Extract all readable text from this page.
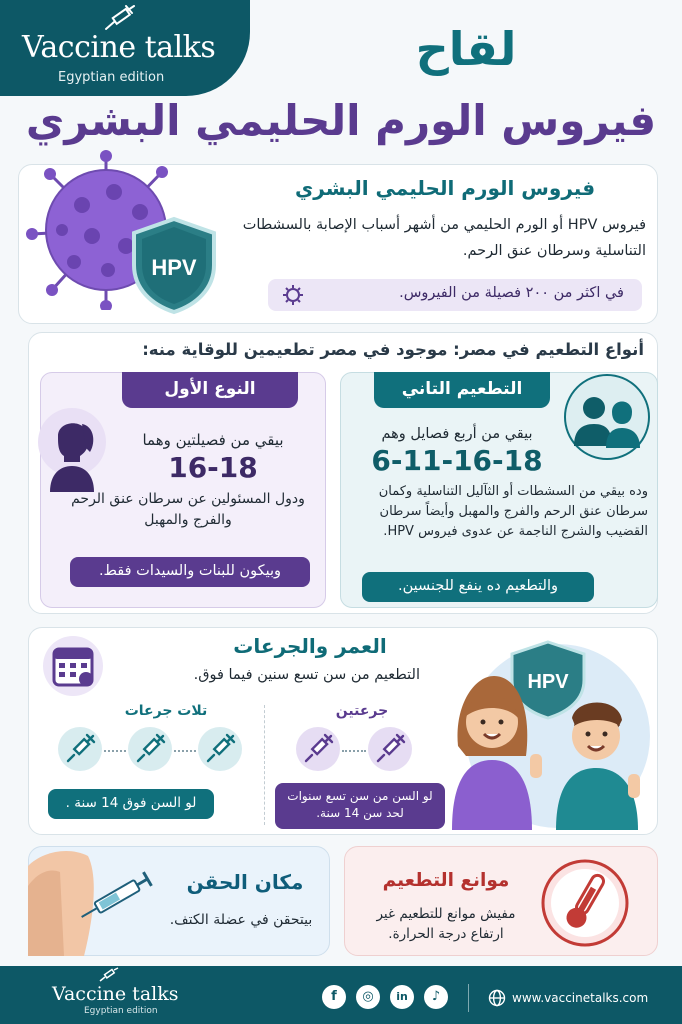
Vaccine talks
Egyptian edition
لقاح
فيروس الورم الحليمي البشري
HPV
فيروس الورم الحليمي البشري
فيروس HPV أو الورم الحليمي من أشهر أسباب الإصابة بالسشطات التناسلية وسرطان عنق الرحم.
في اكثر من ٢٠٠ فصيلة من الفيروس.
أنواع التطعيم في مصر: موجود في مصر تطعيمين للوقاية منه:
النوع الأول
بيقي من فصيلتين وهما
16-18
ودول المسئولين عن سرطان عنق الرحم والفرج والمهبل
وبيكون للبنات والسيدات فقط.
التطعيم التاني
بيقي من أربع فصايل وهم
6-11-16-18
وده بيقي من السشطات أو الثآليل التناسلية وكمان سرطان عنق الرحم والفرج والمهبل وأيضاً سرطان القضيب والشرج الناجمة عن عدوى فيروس HPV.
والتطعيم ده ينفع للجنسين.
العمر والجرعات
التطعيم من سن تسع سنين فيما فوق.
تلات جرعات	جرعتين
لو السن فوق 14 سنة .	لو السن من سن تسع سنوات لحد سن 14 سنة.
HPV
مكان الحقن
بيتحقن في عضلة الكتف.
موانع التطعيم
مفيش موانع للتطعيم غير ارتفاع درجة الحرارة.
Vaccine talks
Egyptian edition
f	◎	in	♪	www.vaccinetalks.com
